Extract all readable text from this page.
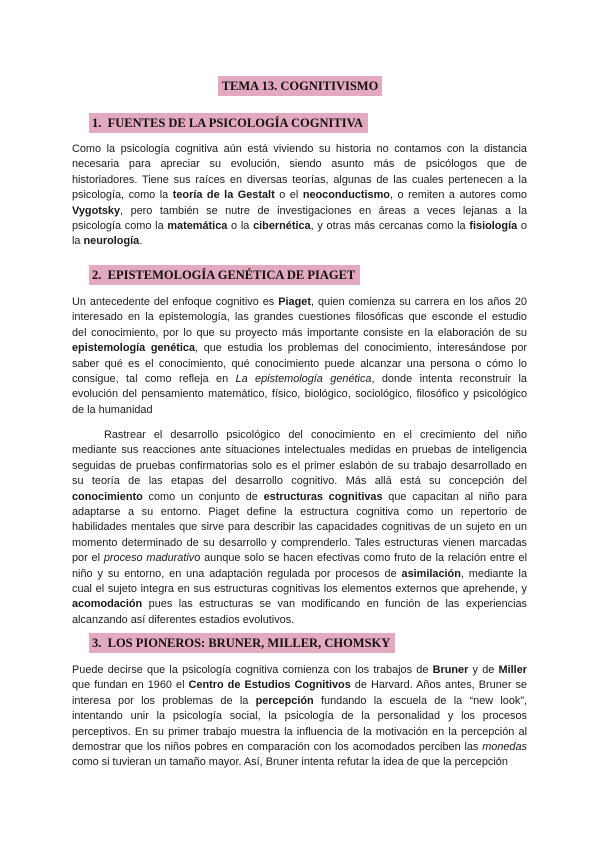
TEMA 13. COGNITIVISMO
1. FUENTES DE LA PSICOLOGÍA COGNITIVA
Como la psicología cognitiva aún está viviendo su historia no contamos con la distancia
necesaria para apreciar su evolución, siendo asunto más de psicólogos que de
historiadores. Tiene sus raíces en diversas teorías, algunas de las cuales pertenecen a la
psicología, como la teoría de la Gestalt o el neoconductismo, o remiten a autores como
Vygotsky, pero también se nutre de investigaciones en áreas a veces lejanas a la
psicología como la matemática o la cibernética, y otras más cercanas como la fisiología o
la neurología.
2. EPISTEMOLOGÍA GENÉTICA DE PIAGET
Un antecedente del enfoque cognitivo es Piaget, quien comienza su carrera en los años 20
interesado en la epistemología, las grandes cuestiones filosóficas que esconde el estudio
del conocimiento, por lo que su proyecto más importante consiste en la elaboración de su
epistemología genética, que estudia los problemas del conocimiento, interesándose por
saber qué es el conocimiento, qué conocimiento puede alcanzar una persona o cómo lo
consigue, tal como refleja en La epistemología genética, donde intenta reconstruir la
evolución del pensamiento matemático, físico, biológico, sociológico, filosófico y psicológico
de la humanidad
Rastrear el desarrollo psicológico del conocimiento en el crecimiento del niño
mediante sus reacciones ante situaciones intelectuales medidas en pruebas de inteligencia
seguidas de pruebas confirmatorias solo es el primer eslabón de su trabajo desarrollado en
su teoría de las etapas del desarrollo cognitivo. Más allá está su concepción del
conocimiento como un conjunto de estructuras cognitivas que capacitan al niño para
adaptarse a su entorno. Piaget define la estructura cognitiva como un repertorio de
habilidades mentales que sirve para describir las capacidades cognitivas de un sujeto en un
momento determinado de su desarrollo y comprenderlo. Tales estructuras vienen marcadas
por el proceso madurativo aunque solo se hacen efectivas como fruto de la relación entre el
niño y su entorno, en una adaptación regulada por procesos de asimilación, mediante la
cual el sujeto integra en sus estructuras cognitivas los elementos externos que aprehende, y
acomodación pues las estructuras se van modificando en función de las experiencias
alcanzando así diferentes estadios evolutivos.
3. LOS PIONEROS: BRUNER, MILLER, CHOMSKY
Puede decirse que la psicología cognitiva comienza con los trabajos de Bruner y de Miller
que fundan en 1960 el Centro de Estudios Cognitivos de Harvard. Años antes, Bruner se
interesa por los problemas de la percepción fundando la escuela de la “new look”,
intentando unir la psicología social, la psicología de la personalidad y los procesos
perceptivos. En su primer trabajo muestra la influencia de la motivación en la percepción al
demostrar que los niños pobres en comparación con los acomodados perciben las monedas
como si tuvieran un tamaño mayor. Así, Bruner intenta refutar la idea de que la percepción
